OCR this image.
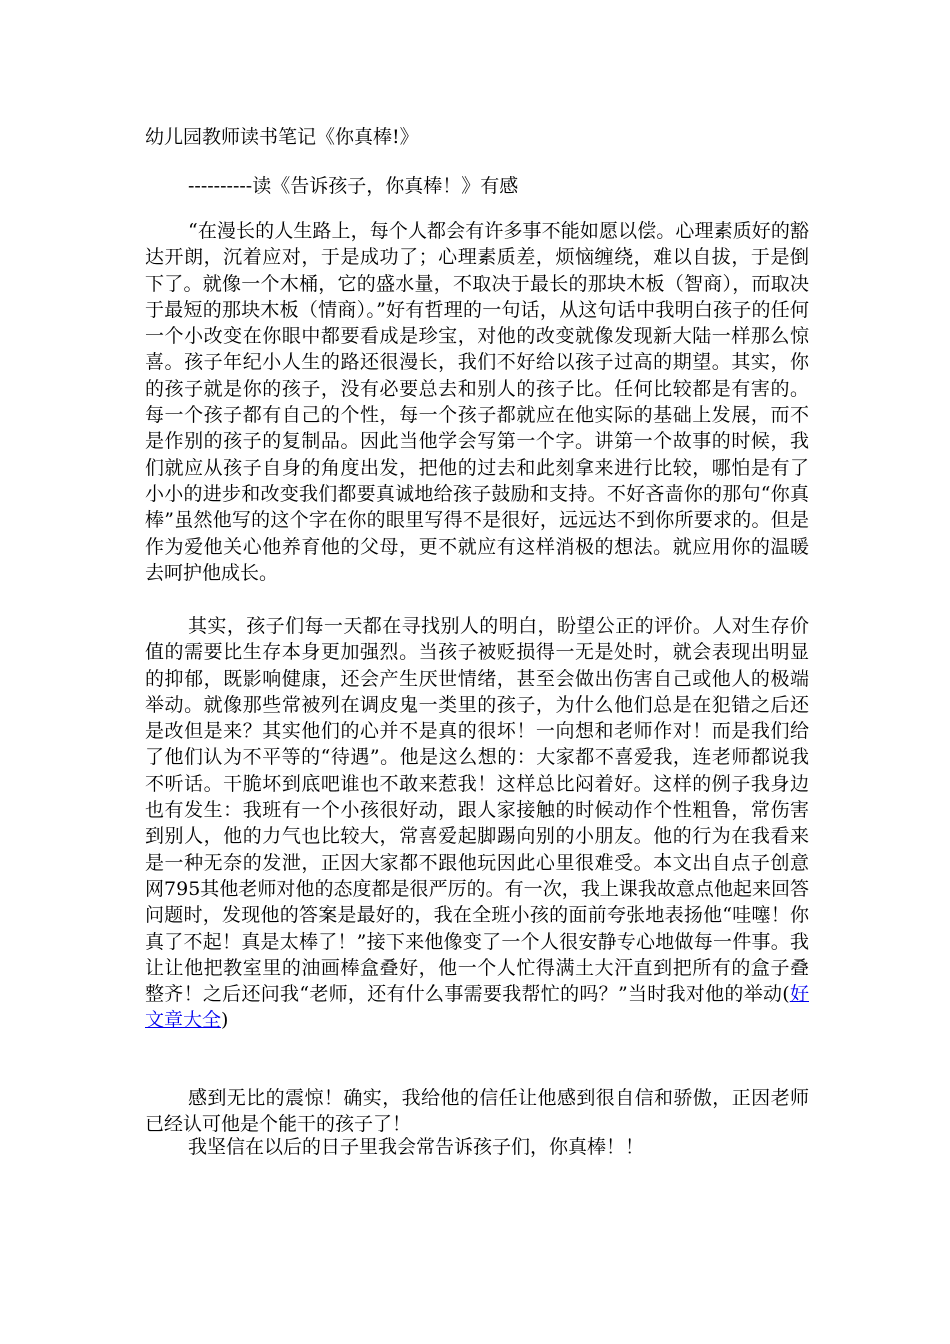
幼儿园教师读书笔记《你真棒!》

----------读《告诉孩子，你真棒！》有感

“在漫长的人生路上，每个人都会有许多事不能如愿以偿。心理素质好的豁达开朗，沉着应对，于是成功了；心理素质差，烦恼缠绕，难以自拔，于是倒下了。就像一个木桶，它的盛水量，不取决于最长的那块木板（智商），而取决于最短的那块木板（情商）。”好有哲理的一句话，从这句话中我明白孩子的任何一个小改变在你眼中都要看成是珍宝，对他的改变就像发现新大陆一样那么惊喜。孩子年纪小人生的路还很漫长，我们不好给以孩子过高的期望。其实，你的孩子就是你的孩子，没有必要总去和别人的孩子比。任何比较都是有害的。每一个孩子都有自己的个性，每一个孩子都就应在他实际的基础上发展，而不是作别的孩子的复制品。因此当他学会写第一个字。讲第一个故事的时候，我们就应从孩子自身的角度出发，把他的过去和此刻拿来进行比较，哪怕是有了小小的进步和改变我们都要真诚地给孩子鼓励和支持。不好吝啬你的那句“你真棒”虽然他写的这个字在你的眼里写得不是很好，远远达不到你所要求的。但是作为爱他关心他养育他的父母，更不就应有这样消极的想法。就应用你的温暖去呵护他成长。

其实，孩子们每一天都在寻找别人的明白，盼望公正的评价。人对生存价值的需要比生存本身更加强烈。当孩子被贬损得一无是处时，就会表现出明显的抑郁，既影响健康，还会产生厌世情绪，甚至会做出伤害自己或他人的极端举动。就像那些常被列在调皮鬼一类里的孩子，为什么他们总是在犯错之后还是改但是来？其实他们的心并不是真的很坏！一向想和老师作对！而是我们给了他们认为不平等的“待遇”。他是这么想的：大家都不喜爱我，连老师都说我不听话。干脆坏到底吧谁也不敢来惹我！这样总比闷着好。这样的例子我身边也有发生：我班有一个小孩很好动，跟人家接触的时候动作个性粗鲁，常伤害到别人，他的力气也比较大，常喜爱起脚踢向别的小朋友。他的行为在我看来是一种无奈的发泄，正因大家都不跟他玩因此心里很难受。本文出自点子创意网795其他老师对他的态度都是很严厉的。有一次，我上课我故意点他起来回答问题时，发现他的答案是最好的，我在全班小孩的面前夸张地表扬他“哇噻！你真了不起！真是太棒了！”接下来他像变了一个人很安静专心地做每一件事。我让让他把教室里的油画棒盒叠好，他一个人忙得满土大汗直到把所有的盒子叠整齐！之后还问我“老师，还有什么事需要我帮忙的吗？”当时我对他的举动(好文章大全)

感到无比的震惊！确实，我给他的信任让他感到很自信和骄傲，正因老师已经认可他是个能干的孩子了！

我坚信在以后的日子里我会常告诉孩子们，你真棒！！
